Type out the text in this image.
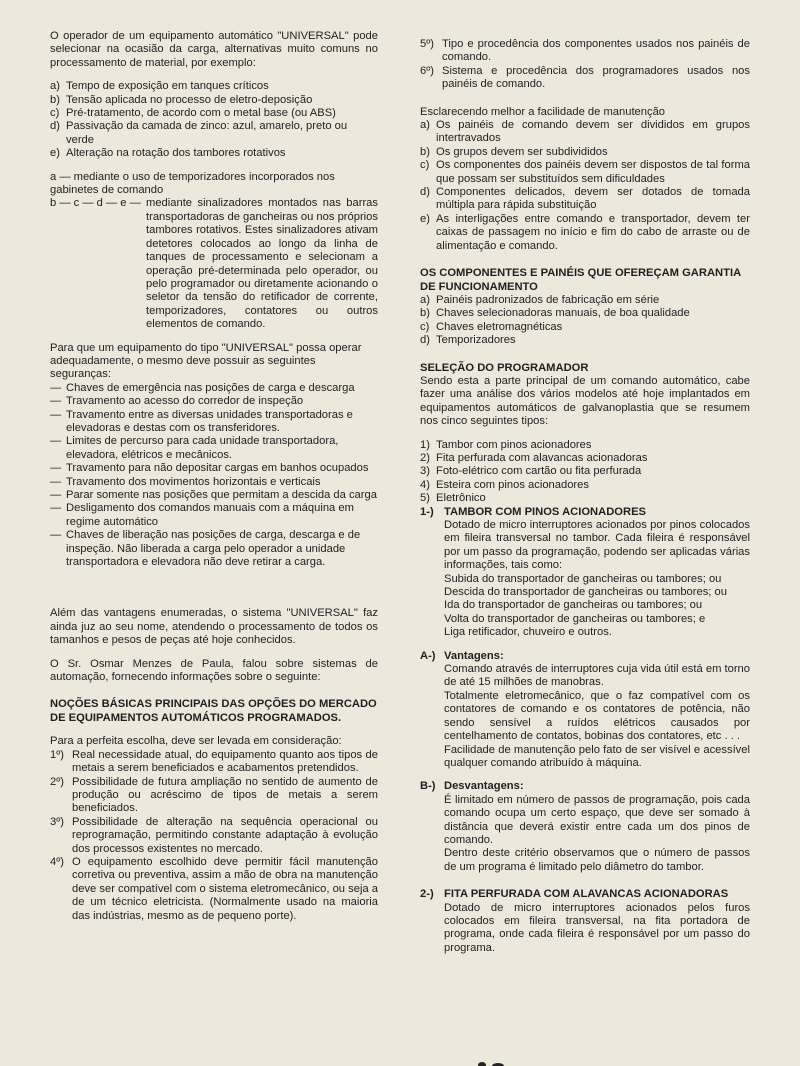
O operador de um equipamento automático "UNIVERSAL" pode selecionar na ocasião da carga, alternativas muito comuns no processamento de material, por exemplo:

a) Tempo de exposição em tanques críticos
b) Tensão aplicada no processo de eletro-deposição
c) Pré-tratamento, de acordo com o metal base (ou ABS)
d) Passivação da camada de zinco: azul, amarelo, preto ou verde
e) Alteração na rotação dos tambores rotativos

a — mediante o uso de temporizadores incorporados nos gabinetes de comando

b — c — d — e — mediante sinalizadores montados nas barras transportadoras de gancheiras ou nos próprios tambores rotativos. Estes sinalizadores ativam detetores colocados ao longo da linha de tanques de processamento e selecionam a operação pré-determinada pelo operador, ou pelo programador ou diretamente acionando o seletor da tensão do retificador de corrente, temporizadores, contatores ou outros elementos de comando.

Para que um equipamento do tipo "UNIVERSAL" possa operar adequadamente, o mesmo deve possuir as seguintes seguranças:

— Chaves de emergência nas posições de carga e descarga
— Travamento ao acesso do corredor de inspeção
— Travamento entre as diversas unidades transportadoras e elevadoras e destas com os transferidores.
— Limites de percurso para cada unidade transportadora, elevadora, elétricos e mecânicos.
— Travamento para não depositar cargas em banhos ocupados
— Travamento dos movimentos horizontais e verticais
— Parar somente nas posições que permitam a descida da carga
— Desligamento dos comandos manuais com a máquina em regime automático
— Chaves de liberação nas posições de carga, descarga e de inspeção. Não liberada a carga pelo operador a unidade transportadora e elevadora não deve retirar a carga.

Além das vantagens enumeradas, o sistema "UNIVERSAL" faz ainda juz ao seu nome, atendendo o processamento de todos os tamanhos e pesos de peças até hoje conhecidos.

O Sr. Osmar Menzes de Paula, falou sobre sistemas de automação, fornecendo informações sobre o seguinte:

NOÇÕES BÁSICAS PRINCIPAIS DAS OPÇÕES DO MERCADO DE EQUIPAMENTOS AUTOMÁTICOS PROGRAMADOS.

Para a perfeita escolha, deve ser levada em consideração:

1º) Real necessidade atual, do equipamento quanto aos tipos de metais a serem beneficiados e acabamentos pretendidos.
2º) Possibilidade de futura ampliação no sentido de aumento de produção ou acréscimo de tipos de metais a serem beneficiados.
3º) Possibilidade de alteração na sequência operacional ou reprogramação, permitindo constante adaptação à evolução dos processos existentes no mercado.
4º) O equipamento escolhido deve permitir fácil manutenção corretiva ou preventiva, assim a mão de obra na manutenção deve ser compatível com o sistema eletromecânico, ou seja a de um técnico eletricista. (Normalmente usado na maioria das indústrias, mesmo as de pequeno porte).
5º) Tipo e procedência dos componentes usados nos painéis de comando.
6º) Sistema e procedência dos programadores usados nos painéis de comando.

Esclarecendo melhor a facilidade de manutenção

a) Os painéis de comando devem ser divididos em grupos intertravados
b) Os grupos devem ser subdivididos
c) Os componentes dos painéis devem ser dispostos de tal forma que possam ser substituídos sem dificuldades
d) Componentes delicados, devem ser dotados de tomada múltipla para rápida substituição
e) As interligações entre comando e transportador, devem ter caixas de passagem no início e fim do cabo de arraste ou de alimentação e comando.

OS COMPONENTES E PAINÉIS QUE OFEREÇAM GARANTIA DE FUNCIONAMENTO

a) Painéis padronizados de fabricação em série
b) Chaves selecionadoras manuais, de boa qualidade
c) Chaves eletromagnéticas
d) Temporizadores

SELEÇÃO DO PROGRAMADOR

Sendo esta a parte principal de um comando automático, cabe fazer uma análise dos vários modelos até hoje implantados em equipamentos automáticos de galvanoplastia que se resumem nos cinco seguintes tipos:

1) Tambor com pinos acionadores
2) Fita perfurada com alavancas acionadoras
3) Foto-elétrico com cartão ou fita perfurada
4) Esteira com pinos acionadores
5) Eletrônico
1-) TAMBOR COM PINOS ACIONADORES

Dotado de micro interruptores acionados por pinos colocados em fileira transversal no tambor. Cada fileira é responsável por um passo da programação, podendo ser aplicadas várias informações, tais como:

Subida do transportador de gancheiras ou tambores; ou

Descida do transportador de gancheiras ou tambores; ou

Ida do transportador de gancheiras ou tambores; ou

Volta do transportador de gancheiras ou tambores; e

Liga retificador, chuveiro e outros.

A-) Vantagens:

Comando através de interruptores cuja vida útil está em torno de até 15 milhões de manobras.

Totalmente eletromecânico, que o faz compatível com os contatores de comando e os contatores de potência, não sendo sensível a ruídos elétricos causados por centelhamento de contatos, bobinas dos contatores, etc . . .

Facilidade de manutenção pelo fato de ser visível e acessível qualquer comando atribuído à máquina.

B-) Desvantagens:

É limitado em número de passos de programação, pois cada comando ocupa um certo espaço, que deve ser somado à distância que deverá existir entre cada um dos pinos de comando.

Dentro deste critério observamos que o número de passos de um programa é limitado pelo diâmetro do tambor.

2-) FITA PERFURADA COM ALAVANCAS ACIONADORAS

Dotado de micro interruptores acionados pelos furos colocados em fileira transversal, na fita portadora de programa, onde cada fileira é responsável por um passo do programa.
